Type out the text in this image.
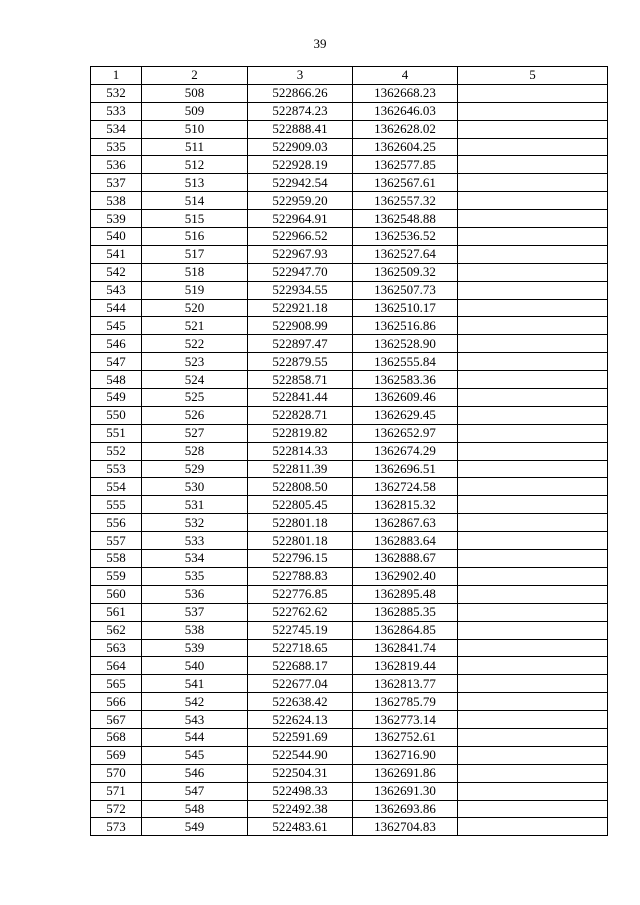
39
1	2	3	4	5
532	508	522866.26	1362668.23	
533	509	522874.23	1362646.03	
534	510	522888.41	1362628.02	
535	511	522909.03	1362604.25	
536	512	522928.19	1362577.85	
537	513	522942.54	1362567.61	
538	514	522959.20	1362557.32	
539	515	522964.91	1362548.88	
540	516	522966.52	1362536.52	
541	517	522967.93	1362527.64	
542	518	522947.70	1362509.32	
543	519	522934.55	1362507.73	
544	520	522921.18	1362510.17	
545	521	522908.99	1362516.86	
546	522	522897.47	1362528.90	
547	523	522879.55	1362555.84	
548	524	522858.71	1362583.36	
549	525	522841.44	1362609.46	
550	526	522828.71	1362629.45	
551	527	522819.82	1362652.97	
552	528	522814.33	1362674.29	
553	529	522811.39	1362696.51	
554	530	522808.50	1362724.58	
555	531	522805.45	1362815.32	
556	532	522801.18	1362867.63	
557	533	522801.18	1362883.64	
558	534	522796.15	1362888.67	
559	535	522788.83	1362902.40	
560	536	522776.85	1362895.48	
561	537	522762.62	1362885.35	
562	538	522745.19	1362864.85	
563	539	522718.65	1362841.74	
564	540	522688.17	1362819.44	
565	541	522677.04	1362813.77	
566	542	522638.42	1362785.79	
567	543	522624.13	1362773.14	
568	544	522591.69	1362752.61	
569	545	522544.90	1362716.90	
570	546	522504.31	1362691.86	
571	547	522498.33	1362691.30	
572	548	522492.38	1362693.86	
573	549	522483.61	1362704.83	
